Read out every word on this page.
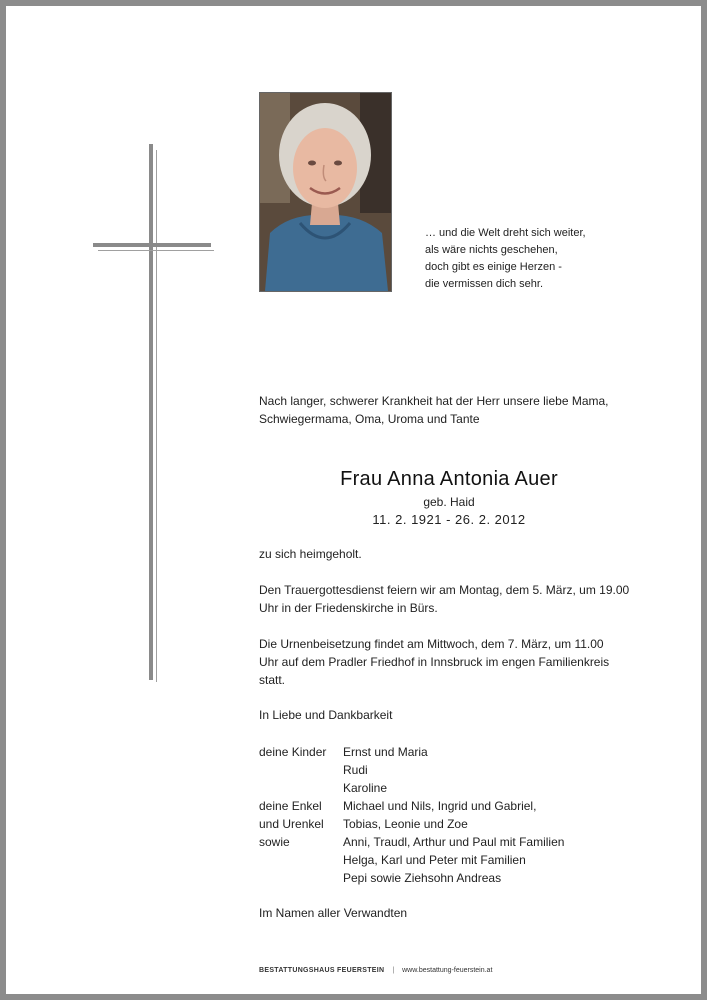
… und die Welt dreht sich weiter,
als wäre nichts geschehen,
doch gibt es einige Herzen -
die vermissen dich sehr.
Nach langer, schwerer Krankheit hat der Herr unsere liebe Mama, Schwiegermama, Oma, Uroma und Tante
Frau Anna Antonia Auer
geb. Haid
11. 2. 1921 - 26. 2. 2012
zu sich heimgeholt.
Den Trauergottesdienst feiern wir am Montag, dem 5. März, um 19.00 Uhr in der Friedenskirche in Bürs.
Die Urnenbeisetzung findet am Mittwoch, dem 7. März, um 11.00 Uhr auf dem Pradler Friedhof in Innsbruck im engen Familienkreis statt.
In Liebe und Dankbarkeit
deine Kinder	Ernst und Maria
Rudi
Karoline
deine Enkel	Michael und Nils, Ingrid und Gabriel,
und Urenkel	Tobias, Leonie und Zoe
sowie	Anni, Traudl, Arthur und Paul mit Familien
Helga, Karl und Peter mit Familien
Pepi sowie Ziehsohn Andreas
Im Namen aller Verwandten
BESTATTUNGSHAUS FEUERSTEIN | www.bestattung-feuerstein.at
